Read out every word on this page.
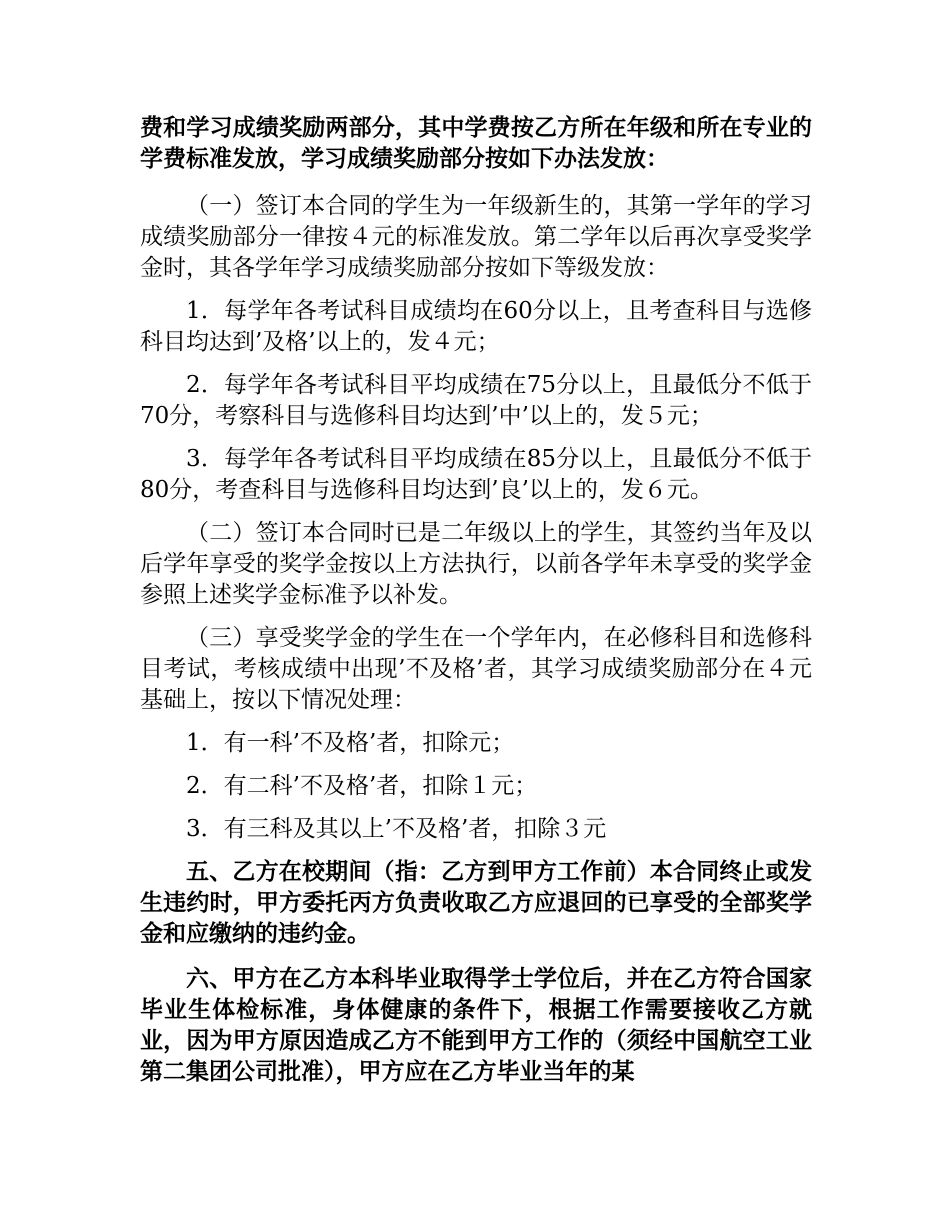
费和学习成绩奖励两部分，其中学费按乙方所在年级和所在专业的学费标准发放，学习成绩奖励部分按如下办法发放：

（一）签订本合同的学生为一年级新生的，其第一学年的学习成绩奖励部分一律按４元的标准发放。第二学年以后再次享受奖学金时，其各学年学习成绩奖励部分按如下等级发放：

1．每学年各考试科目成绩均在60分以上，且考查科目与选修科目均达到’及格’以上的，发４元；

2．每学年各考试科目平均成绩在75分以上，且最低分不低于70分，考察科目与选修科目均达到’中’以上的，发５元；

3．每学年各考试科目平均成绩在85分以上，且最低分不低于80分，考查科目与选修科目均达到’良’以上的，发６元。

（二）签订本合同时已是二年级以上的学生，其签约当年及以后学年享受的奖学金按以上方法执行，以前各学年未享受的奖学金参照上述奖学金标准予以补发。

（三）享受奖学金的学生在一个学年内，在必修科目和选修科目考试，考核成绩中出现’不及格’者，其学习成绩奖励部分在４元基础上，按以下情况处理：

1．有一科’不及格’者，扣除元；

2．有二科’不及格’者，扣除１元；

3．有三科及其以上’不及格’者，扣除３元

五、乙方在校期间（指：乙方到甲方工作前）本合同终止或发生违约时，甲方委托丙方负责收取乙方应退回的已享受的全部奖学金和应缴纳的违约金。

六、甲方在乙方本科毕业取得学士学位后，并在乙方符合国家毕业生体检标准，身体健康的条件下，根据工作需要接收乙方就业，因为甲方原因造成乙方不能到甲方工作的（须经中国航空工业第二集团公司批准），甲方应在乙方毕业当年的某
